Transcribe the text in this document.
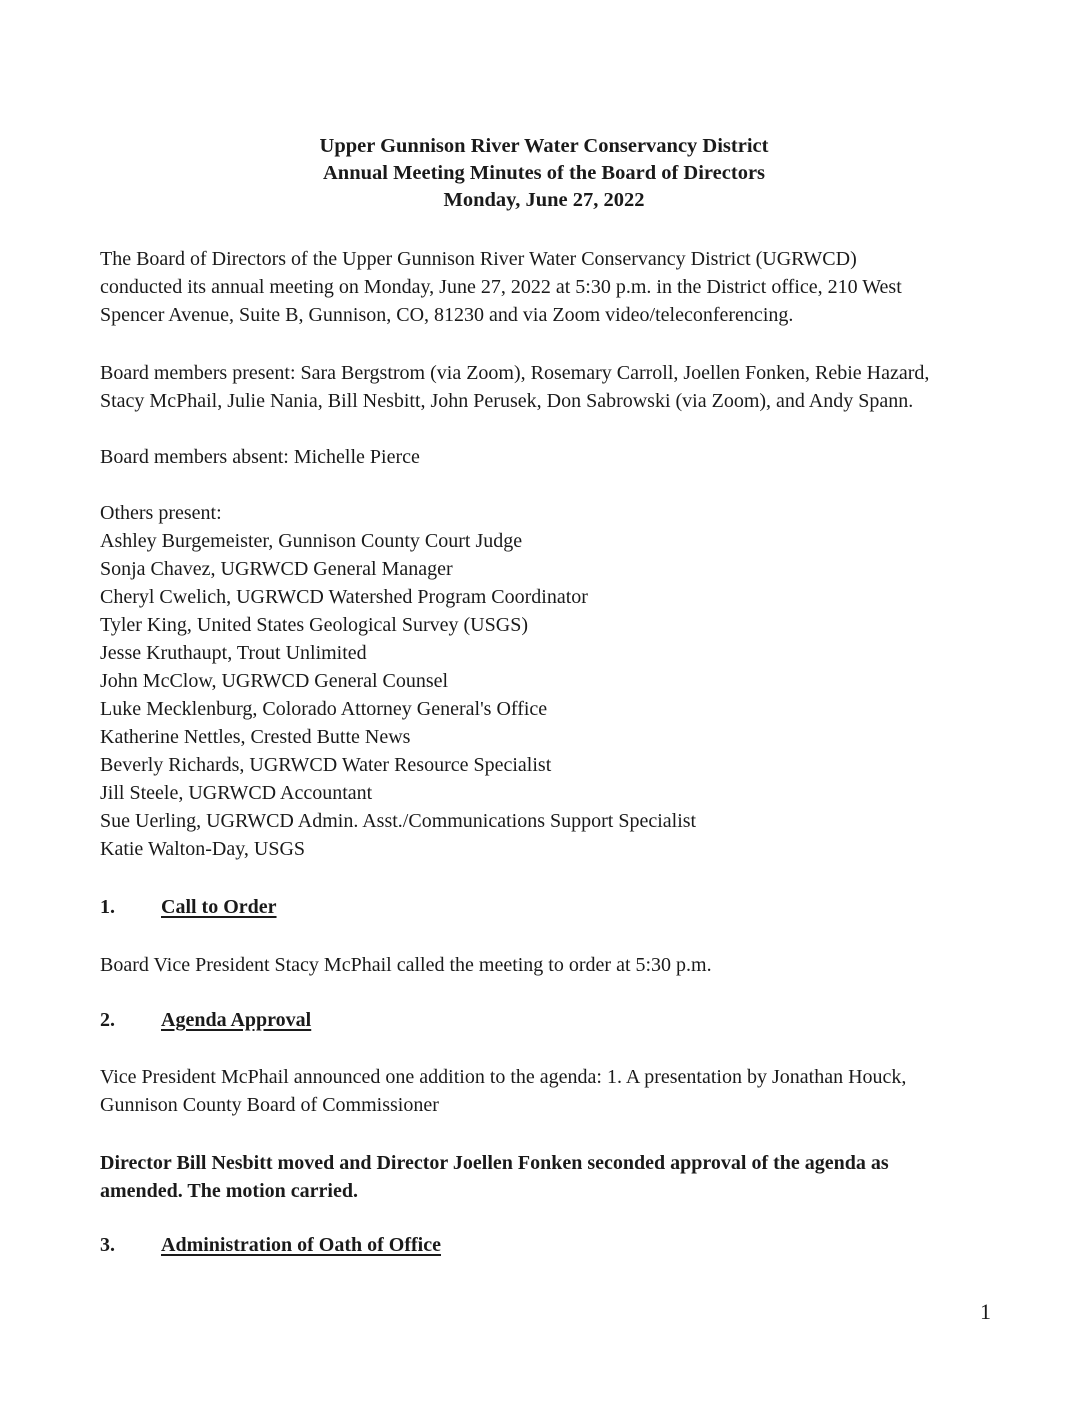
Upper Gunnison River Water Conservancy District
Annual Meeting Minutes of the Board of Directors
Monday, June 27, 2022
The Board of Directors of the Upper Gunnison River Water Conservancy District (UGRWCD)
conducted its annual meeting on Monday, June 27, 2022 at 5:30 p.m. in the District office, 210 West
Spencer Avenue, Suite B, Gunnison, CO, 81230 and via Zoom video/teleconferencing.
Board members present: Sara Bergstrom (via Zoom), Rosemary Carroll, Joellen Fonken, Rebie Hazard,
Stacy McPhail, Julie Nania, Bill Nesbitt, John Perusek, Don Sabrowski (via Zoom), and Andy Spann.
Board members absent: Michelle Pierce
Others present:
Ashley Burgemeister, Gunnison County Court Judge
Sonja Chavez, UGRWCD General Manager
Cheryl Cwelich, UGRWCD Watershed Program Coordinator
Tyler King, United States Geological Survey (USGS)
Jesse Kruthaupt, Trout Unlimited
John McClow, UGRWCD General Counsel
Luke Mecklenburg, Colorado Attorney General's Office
Katherine Nettles, Crested Butte News
Beverly Richards, UGRWCD Water Resource Specialist
Jill Steele, UGRWCD Accountant
Sue Uerling, UGRWCD Admin. Asst./Communications Support Specialist
Katie Walton-Day, USGS
1. Call to Order
Board Vice President Stacy McPhail called the meeting to order at 5:30 p.m.
2. Agenda Approval
Vice President McPhail announced one addition to the agenda: 1. A presentation by Jonathan Houck,
Gunnison County Board of Commissioner
Director Bill Nesbitt moved and Director Joellen Fonken seconded approval of the agenda as
amended. The motion carried.
3. Administration of Oath of Office
1
